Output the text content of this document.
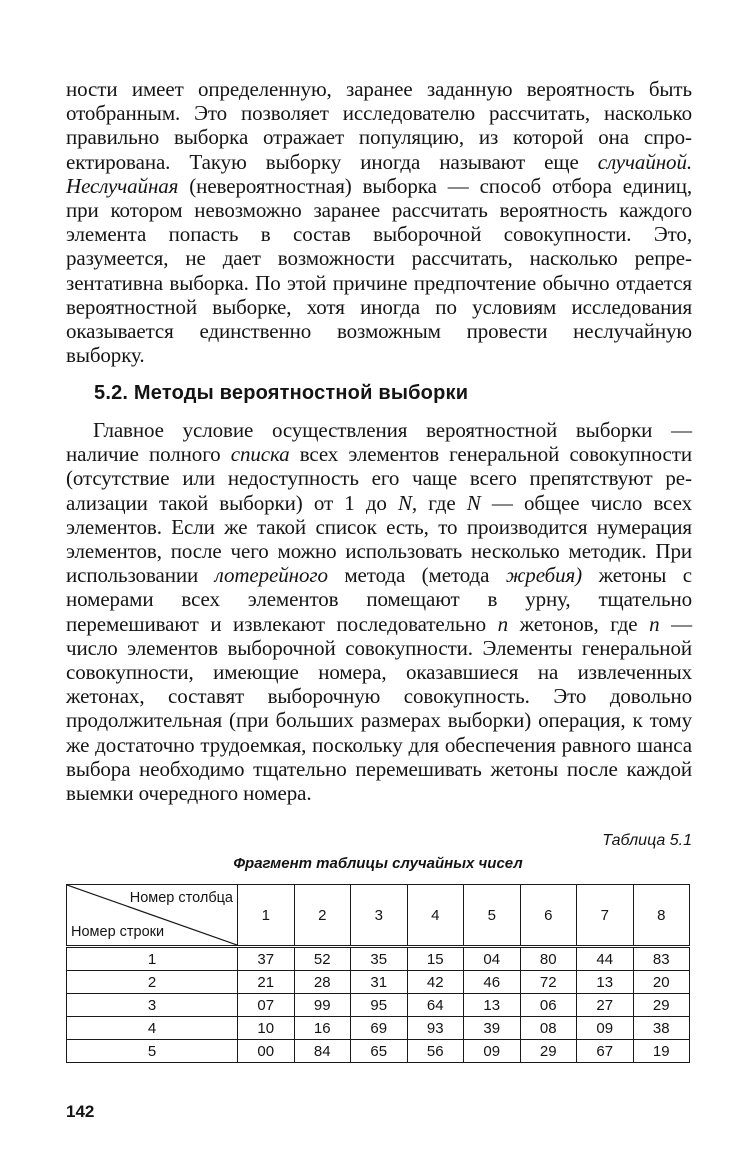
ности имеет определенную, заранее заданную вероятность быть отобранным. Это позволяет исследователю рассчитать, насколько правильно выборка отражает популяцию, из которой она спроектирована. Такую выборку иногда называют еще случайной. Неслучайная (невероятностная) выборка — способ отбора единиц, при котором невозможно заранее рассчитать вероятность каждого элемента попасть в состав выборочной совокупности. Это, разумеется, не дает возможности рассчитать, насколько репрезентативна выборка. По этой причине предпочтение обычно отдается вероятностной выборке, хотя иногда по условиям исследования оказывается единственно возможным провести неслучайную выборку.
5.2. Методы вероятностной выборки
Главное условие осуществления вероятностной выборки — наличие полного списка всех элементов генеральной совокупности (отсутствие или недоступность его чаще всего препятствуют реализации такой выборки) от 1 до N, где N — общее число всех элементов. Если же такой список есть, то производится нумерация элементов, после чего можно использовать несколько методик. При использовании лотерейного метода (метода жребия) жетоны с номерами всех элементов помещают в урну, тщательно перемешивают и извлекают последовательно n жетонов, где n — число элементов выборочной совокупности. Элементы генеральной совокупности, имеющие номера, оказавшиеся на извлеченных жетонах, составят выборочную совокупность. Это довольно продолжительная (при больших размерах выборки) операция, к тому же достаточно трудоемкая, поскольку для обеспечения равного шанса выбора необходимо тщательно перемешивать жетоны после каждой выемки очередного номера.
Таблица 5.1
Фрагмент таблицы случайных чисел
Номер столбца
Номер строки	1	2	3	4	5	6	7	8
1	37	52	35	15	04	80	44	83
2	21	28	31	42	46	72	13	20
3	07	99	95	64	13	06	27	29
4	10	16	69	93	39	08	09	38
5	00	84	65	56	09	29	67	19
142
